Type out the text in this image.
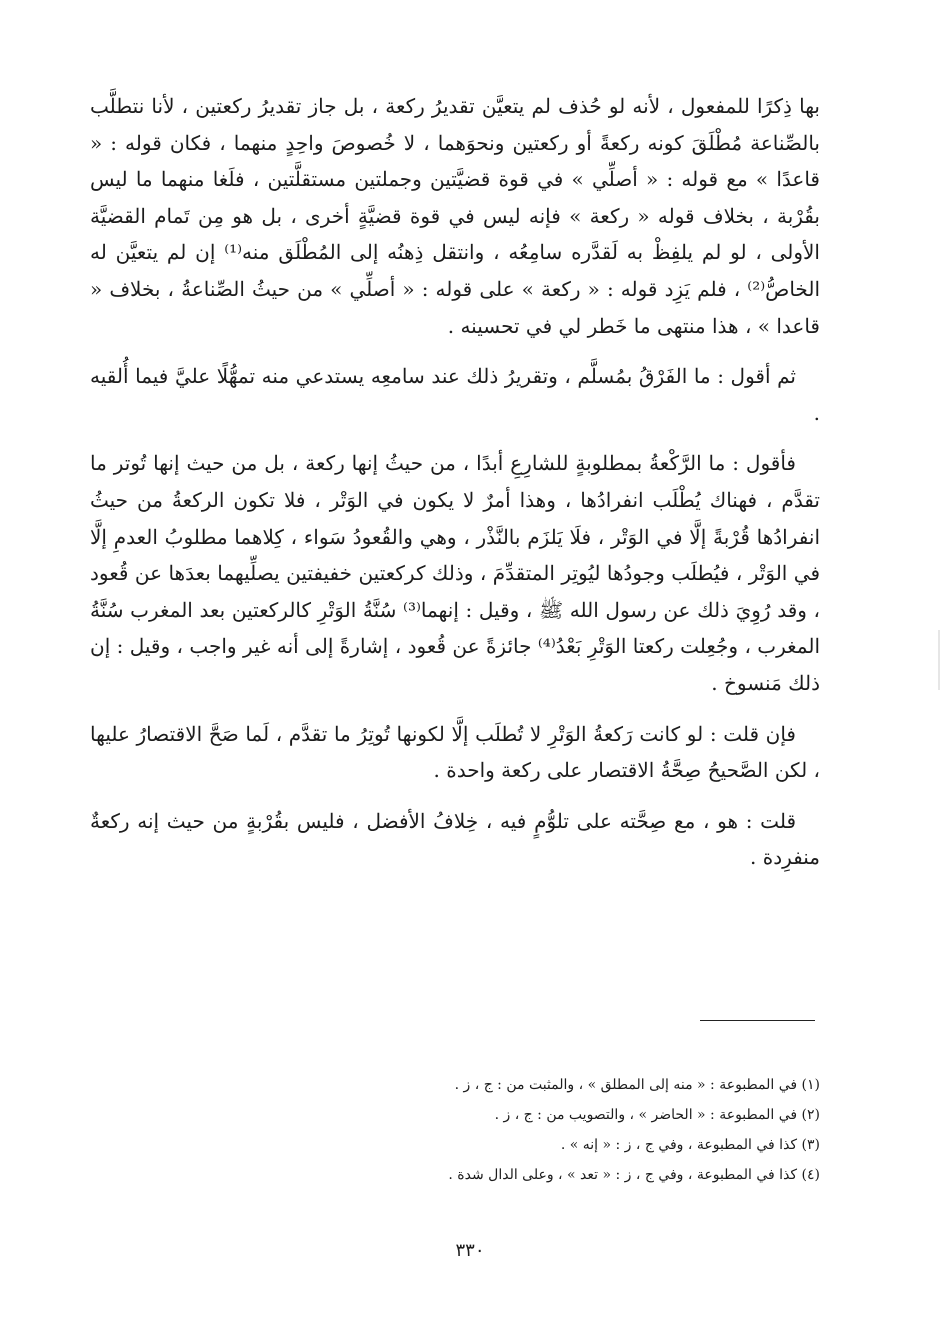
بها ذِكرًا للمفعول ، لأنه لو حُذف لم يتعيَّن تقديرُ ركعة ، بل جاز تقديرُ ركعتين ، لأنا نتطلَّب بالصِّناعة مُطْلَقَ كونه ركعةً أو ركعتين ونحوَهما ، لا خُصوصَ واحِدٍ منهما ، فكان قوله : « قاعدًا » مع قوله : « أصلِّي » في قوة قضيَّتين وجملتين مستقلَّتين ، فلَغا منهما ما ليس بقُرْبة ، بخلاف قوله « ركعة » فإنه ليس في قوة قضيَّةٍ أخرى ، بل هو مِن تَمام القضيَّة الأولى ، لو لم يلفِظْ به لَقدَّره سامِعُه ، وانتقل ذِهنُه إلى المُطْلَق منه⁽¹⁾ إن لم يتعيَّن له الخاصُّ⁽²⁾ ، فلم يَزِد قوله : « ركعة » على قوله : « أصلِّي » من حيثُ الصِّناعةُ ، بخلاف « قاعدا » ، هذا منتهى ما خَطر لي في تحسينه .

ثم أقول : ما الفَرْقُ بمُسلَّم ، وتقريرُ ذلك عند سامعِه يستدعي منه تمهُّلًا عليَّ فيما أُلقيه .

فأقول : ما الرَّكْعةُ بمطلوبةٍ للشارِعِ أبدًا ، من حيثُ إنها ركعة ، بل من حيث إنها تُوتر ما تقدَّم ، فهناك يُطْلَب انفرادُها ، وهذا أمرٌ لا يكون في الوَتْر ، فلا تكون الركعةُ من حيثُ انفرادُها قُرْبةً إلَّا في الوَتْر ، فلَا يَلزَم بالنَّذْر ، وهي والقُعودُ سَواء ، كِلاهما مطلوبُ العدمِ إلَّا في الوَتْر ، فيُطلَب وجودُها ليُوتِر المتقدِّمَ ، وذلك كركعتين خفيفتين يصلِّيهما بعدَها عن قُعود ، وقد رُوِيَ ذلك عن رسول الله ﷺ ، وقيل : إنهما⁽³⁾ سُنَّةُ الوَتْرِ كالركعتين بعد المغرب سُنَّةُ المغرب ، وجُعِلت ركعتا الوَتْرِ بَعْدُ⁽⁴⁾ جائزةً عن قُعود ، إشارةً إلى أنه غير واجب ، وقيل : إن ذلك مَنسوخ .

فإن قلت : لو كانت رَكعةُ الوَتْرِ لا تُطلَب إلَّا لكونها تُوتِرُ ما تقدَّم ، لَما صَحَّ الاقتصارُ عليها ، لكن الصَّحيحُ صِحَّةُ الاقتصار على ركعة واحدة .

قلت : هو ، مع صِحَّته على تلوُّمٍ فيه ، خِلافُ الأفضل ، فليس بقُرْبةٍ من حيث إنه ركعةٌ منفرِدة .

(١) في المطبوعة : « منه إلى المطلق » ، والمثبت من : ج ، ز .
(٢) في المطبوعة : « الحاضر » ، والتصويب من : ج ، ز .
(٣) كذا في المطبوعة ، وفي ج ، ز : « إنه » .
(٤) كذا في المطبوعة ، وفي ج ، ز : « تعد » ، وعلى الدال شدة .
٣٣٠
